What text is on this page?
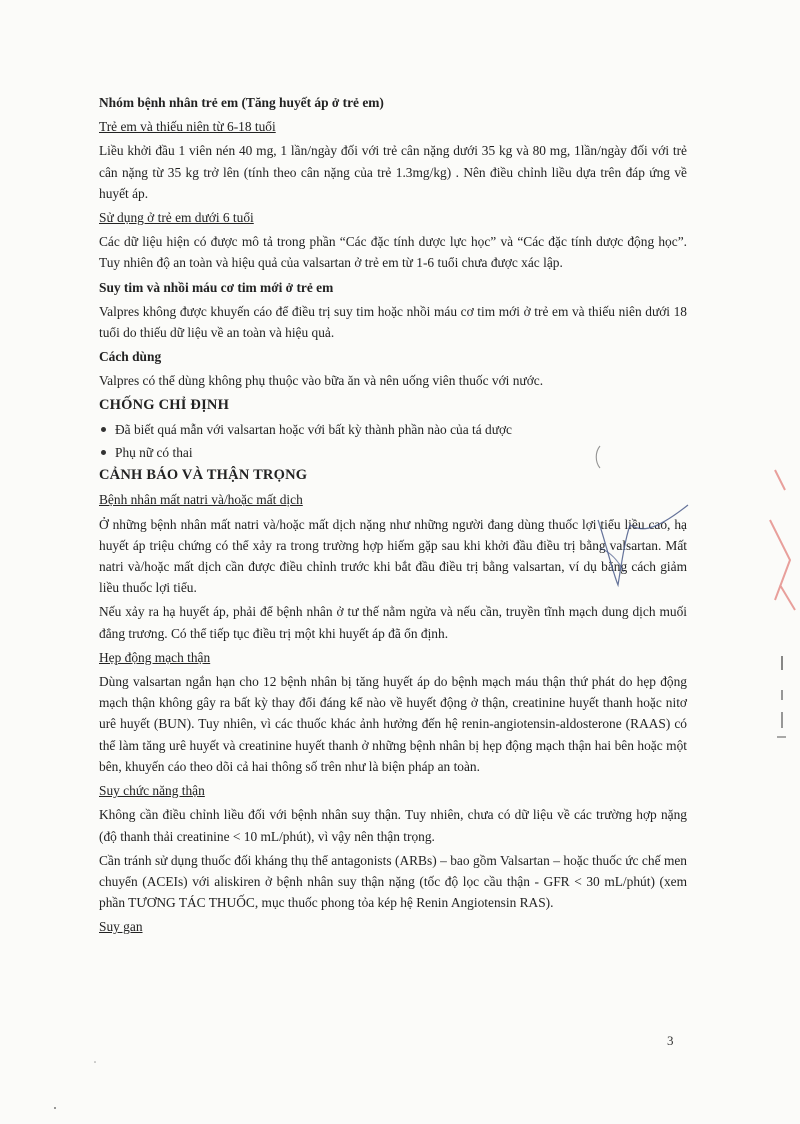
Nhóm bệnh nhân trẻ em (Tăng huyết áp ở trẻ em)

Trẻ em và thiếu niên từ 6-18 tuổi

Liều khởi đầu 1 viên nén 40 mg, 1 lần/ngày đối với trẻ cân nặng dưới 35 kg và 80 mg, 1lần/ngày đối với trẻ cân nặng từ 35 kg trở lên (tính theo cân nặng của trẻ 1.3mg/kg) . Nên điều chỉnh liều dựa trên đáp ứng về huyết áp.

Sử dụng ở trẻ em dưới 6 tuổi

Các dữ liệu hiện có được mô tả trong phần “Các đặc tính dược lực học” và “Các đặc tính dược động học”. Tuy nhiên độ an toàn và hiệu quả của valsartan ở trẻ em từ 1-6 tuổi chưa được xác lập.

Suy tim và nhồi máu cơ tim mới ở trẻ em

Valpres không được khuyến cáo để điều trị suy tim hoặc nhồi máu cơ tim mới ở trẻ em và thiếu niên dưới 18 tuổi do thiếu dữ liệu về an toàn và hiệu quả.

Cách dùng

Valpres có thể dùng không phụ thuộc vào bữa ăn và nên uống viên thuốc với nước.

CHỐNG CHỈ ĐỊNH

Đã biết quá mẫn với valsartan hoặc với bất kỳ thành phần nào của tá dược
Phụ nữ có thai

CẢNH BÁO VÀ THẬN TRỌNG

Bệnh nhân mất natri và/hoặc mất dịch

Ở những bệnh nhân mất natri và/hoặc mất dịch nặng như những người đang dùng thuốc lợi tiểu liều cao, hạ huyết áp triệu chứng có thể xảy ra trong trường hợp hiếm gặp sau khi khởi đầu điều trị bằng valsartan. Mất natri và/hoặc mất dịch cần được điều chỉnh trước khi bắt đầu điều trị bằng valsartan, ví dụ bằng cách giảm liều thuốc lợi tiểu.

Nếu xảy ra hạ huyết áp, phải để bệnh nhân ở tư thế nằm ngửa và nếu cần, truyền tĩnh mạch dung dịch muối đẳng trương. Có thể tiếp tục điều trị một khi huyết áp đã ổn định.

Hẹp động mạch thận

Dùng valsartan ngắn hạn cho 12 bệnh nhân bị tăng huyết áp do bệnh mạch máu thận thứ phát do hẹp động mạch thận không gây ra bất kỳ thay đổi đáng kể nào về huyết động ở thận, creatinine huyết thanh hoặc nitơ urê huyết (BUN). Tuy nhiên, vì các thuốc khác ảnh hưởng đến hệ renin-angiotensin-aldosterone (RAAS) có thể làm tăng urê huyết và creatinine huyết thanh ở những bệnh nhân bị hẹp động mạch thận hai bên hoặc một bên, khuyến cáo theo dõi cả hai thông số trên như là biện pháp an toàn.

Suy chức năng thận

Không cần điều chỉnh liều đối với bệnh nhân suy thận. Tuy nhiên, chưa có dữ liệu về các trường hợp nặng (độ thanh thải creatinine < 10 mL/phút), vì vậy nên thận trọng.

Cần tránh sử dụng thuốc đối kháng thụ thể antagonists (ARBs) – bao gồm Valsartan – hoặc thuốc ức chế men chuyển (ACEIs) với aliskiren ở bệnh nhân suy thận nặng (tốc độ lọc cầu thận - GFR < 30 mL/phút) (xem phần TƯƠNG TÁC THUỐC, mục thuốc phong tỏa kép hệ Renin Angiotensin RAS).

Suy gan

3
